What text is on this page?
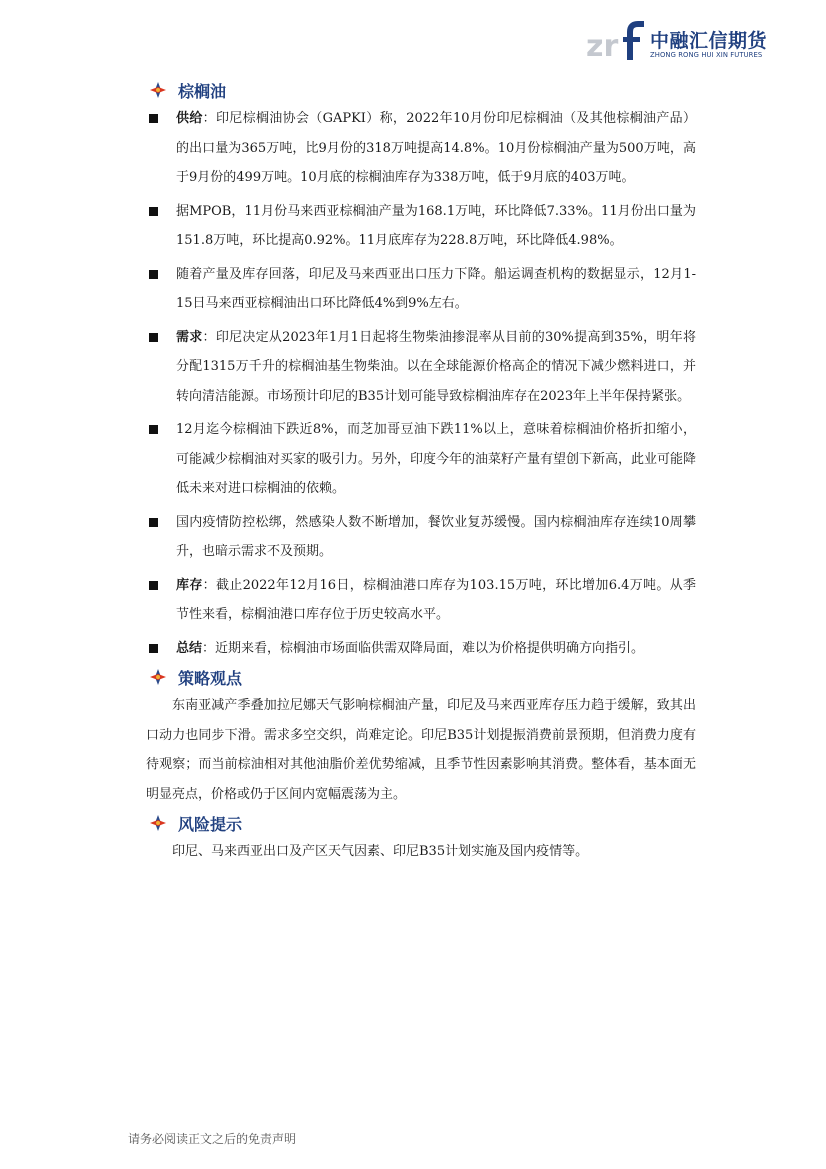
zr 中融汇信期货
ZHONG RONG HUI XIN FUTURES
棕榈油
供给：印尼棕榈油协会（GAPKI）称，2022年10月份印尼棕榈油（及其他棕榈油产品）的出口量为365万吨，比9月份的318万吨提高14.8%。10月份棕榈油产量为500万吨，高于9月份的499万吨。10月底的棕榈油库存为338万吨，低于9月底的403万吨。
据MPOB，11月份马来西亚棕榈油产量为168.1万吨，环比降低7.33%。11月份出口量为151.8万吨，环比提高0.92%。11月底库存为228.8万吨，环比降低4.98%。
随着产量及库存回落，印尼及马来西亚出口压力下降。船运调查机构的数据显示，12月1-15日马来西亚棕榈油出口环比降低4%到9%左右。
需求：印尼决定从2023年1月1日起将生物柴油掺混率从目前的30%提高到35%，明年将分配1315万千升的棕榈油基生物柴油。以在全球能源价格高企的情况下减少燃料进口，并转向清洁能源。市场预计印尼的B35计划可能导致棕榈油库存在2023年上半年保持紧张。
12月迄今棕榈油下跌近8%，而芝加哥豆油下跌11%以上，意味着棕榈油价格折扣缩小，可能减少棕榈油对买家的吸引力。另外，印度今年的油菜籽产量有望创下新高，此业可能降低未来对进口棕榈油的依赖。
国内疫情防控松绑，然感染人数不断增加，餐饮业复苏缓慢。国内棕榈油库存连续10周攀升，也暗示需求不及预期。
库存：截止2022年12月16日，棕榈油港口库存为103.15万吨，环比增加6.4万吨。从季节性来看，棕榈油港口库存位于历史较高水平。
总结：近期来看，棕榈油市场面临供需双降局面，难以为价格提供明确方向指引。
策略观点

东南亚减产季叠加拉尼娜天气影响棕榈油产量，印尼及马来西亚库存压力趋于缓解，致其出口动力也同步下滑。需求多空交织，尚难定论。印尼B35计划提振消费前景预期，但消费力度有待观察；而当前棕油相对其他油脂价差优势缩减，且季节性因素影响其消费。整体看，基本面无明显亮点，价格或仍于区间内宽幅震荡为主。

风险提示

印尼、马来西亚出口及产区天气因素、印尼B35计划实施及国内疫情等。

请务必阅读正文之后的免责声明
